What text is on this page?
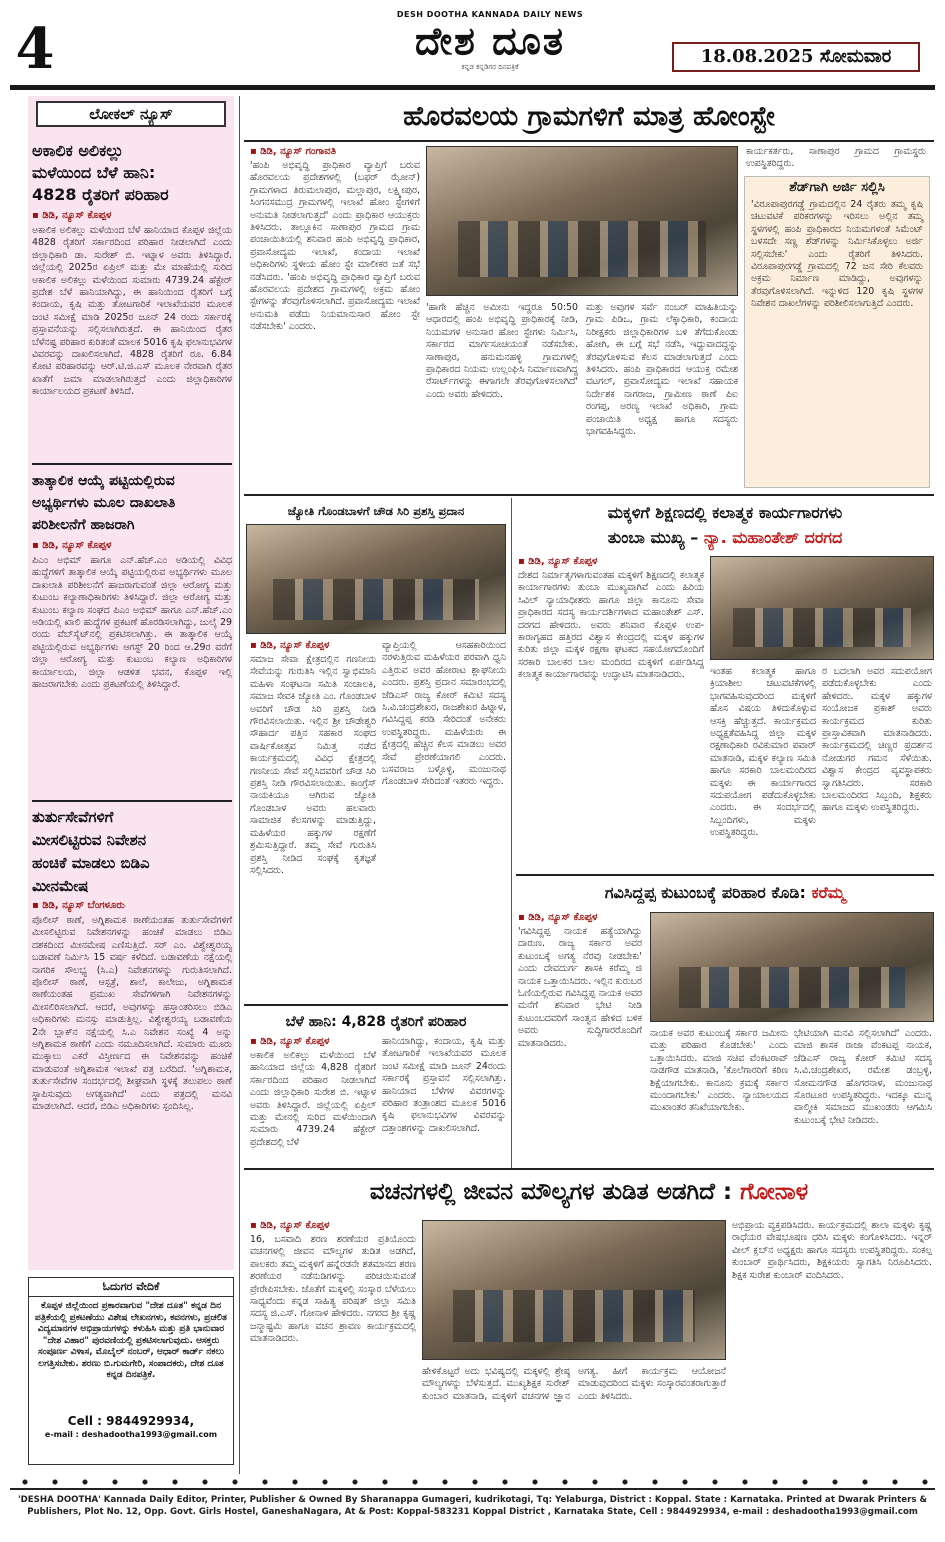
4
DESH DOOTHA KANNADA DAILY NEWS
ದೇಶ ದೂತ
ಕನ್ನಡ ಕನ್ನಡಿಗರ ದಿನಪತ್ರಿಕೆ	18.08.2025 ಸೋಮವಾರ
ಲೋಕಲ್ ನ್ಯೂಸ್
ಅಕಾಲಿಕ ಅಲಿಕಲ್ಲು
ಮಳೆಯಿಂದ ಬೆಳೆ ಹಾನಿ:
4828 ರೈತರಿಗೆ ಪರಿಹಾರ
▪ ಡಿಡಿ, ನ್ಯೂಸ್ ಕೊಪ್ಪಳ
ಅಕಾಲಿಕ ಅಲಿಕಲ್ಲು ಮಳೆಯಿಂದ ಬೆಳೆ ಹಾನಿಯಾದ ಕೊಪ್ಪಳ ಜಿಲ್ಲೆಯ 4828 ರೈತರಿಗೆ ಸರ್ಕಾರದಿಂದ ಪರಿಹಾರ ನೀಡಲಾಗಿದೆ ಎಂದು ಜಿಲ್ಲಾಧಿಕಾರಿ ಡಾ. ಸುರೇಶ್ ಬಿ. ಇಟ್ನಾಳ ಅವರು ತಿಳಿಸಿದ್ದಾರೆ. ಜಿಲ್ಲೆಯಲ್ಲಿ 2025ರ ಏಪ್ರಿಲ್ ಮತ್ತು ಮೇ ಮಾಹೆಯಲ್ಲಿ ಸುರಿದ ಅಕಾಲಿಕ ಅಲಿಕಲ್ಲು ಮಳೆಯಿಂದ ಸುಮಾರು 4739.24 ಹೆಕ್ಟೇರ್ ಪ್ರದೇಶ ಬೆಳೆ ಹಾನಿಯಾಗಿದ್ದು, ಈ ಹಾನಿಯಿಂದ ರೈತರಿಗೆ ಬಗ್ಗೆ ಕಂದಾಯ, ಕೃಷಿ ಮತ್ತು ತೋಟಗಾರಿಕೆ ಇಲಾಖೆಯವರ ಮೂಲಕ ಜಂಟಿ ಸಮೀಕ್ಷೆ ಮಾಡಿ 2025ರ ಜೂನ್ 24 ರಂದು ಸರ್ಕಾರಕ್ಕೆ ಪ್ರಸ್ತಾವನೆಯನ್ನು ಸಲ್ಲಿಸಲಾಗಿರುತ್ತದೆ. ಈ ಹಾನಿಯಿಂದ ರೈತರ ಬೆಳೆನಷ್ಟ ಪರಿಹಾರ ಕುರಿತಂತೆ ಮಾಲಕ 5016 ಕೃಷಿ ಫಲಾನುಭವಿಗಳ ವಿವರವನ್ನು ದಾಖಲಿಸಲಾಗಿದೆ. 4828 ರೈತರಿಗೆ ರೂ. 6.84 ಕೋಟಿ ಪರಿಹಾರವನ್ನು ಆರ್.ಟಿ.ಜಿ.ಎಸ್ ಮೂಲಕ ನೇರವಾಗಿ ರೈತರ ಖಾತೆಗೆ ಜಮಾ ಮಾಡಲಾಗಿರುತ್ತದೆ ಎಂದು ಜಿಲ್ಲಾಧಿಕಾರಿಗಳ ಕಾರ್ಯಾಲಯದ ಪ್ರಕಟಣೆ ತಿಳಿಸಿದೆ.
ತಾತ್ಕಾಲಿಕ ಆಯ್ಕೆ ಪಟ್ಟಿಯಲ್ಲಿರುವ
ಅಭ್ಯರ್ಥಿಗಳು ಮೂಲ ದಾಖಲಾತಿ
ಪರಿಶೀಲನೆಗೆ ಹಾಜರಾಗಿ
▪ ಡಿಡಿ, ನ್ಯೂಸ್ ಕೊಪ್ಪಳ
ಪಿಎಂ ಅಭಿಮ್ ಹಾಗೂ ಎನ್.ಹೆಚ್.ಎಂ ಅಡಿಯಲ್ಲಿ ವಿವಿಧ ಹುದ್ದೆಗಳಿಗೆ ತಾತ್ಕಾಲಿಕ ಆಯ್ಕೆ ಪಟ್ಟಿಯಲ್ಲಿರುವ ಅಭ್ಯರ್ಥಿಗಳು ಮೂಲ ದಾಖಲಾತಿ ಪರಿಶೀಲನೆಗೆ ಹಾಜರಾಗುವಂತೆ ಜಿಲ್ಲಾ ಆರೋಗ್ಯ ಮತ್ತು ಕುಟುಂಬ ಕಲ್ಯಾಣಾಧಿಕಾರಿಗಳು ತಿಳಿಸಿದ್ದಾರೆ. ಜಿಲ್ಲಾ ಆರೋಗ್ಯ ಮತ್ತು ಕುಟುಂಬ ಕಲ್ಯಾಣ ಸಂಘದ ಪಿಎಂ ಅಭಿಮ್ ಹಾಗೂ ಎನ್.ಹೆಚ್.ಎಂ ಅಡಿಯಲ್ಲಿ ಖಾಲಿ ಹುದ್ದೆಗಳ ಪ್ರಕಟಣೆ ಹೊರಡಿಸಲಾಗಿದ್ದು, ಜುಲೈ 29 ರಂದು ವೆಬ್‌ಸೈಟ್‌ನಲ್ಲಿ ಪ್ರಕಟಿಸಲಾಗಿತ್ತು. ಈ ತಾತ್ಕಾಲಿಕ ಆಯ್ಕೆ ಪಟ್ಟಿಯಲ್ಲಿರುವ ಅಭ್ಯರ್ಥಿಗಳು ಆಗಸ್ಟ್ 20 ರಿಂದ ಆ.29ರ ವರೆಗೆ ಜಿಲ್ಲಾ ಆರೋಗ್ಯ ಮತ್ತು ಕುಟುಂಬ ಕಲ್ಯಾಣ ಅಧಿಕಾರಿಗಳ ಕಾರ್ಯಾಲಯ, ಜಿಲ್ಲಾ ಆಡಳಿತ ಭವನ, ಕೊಪ್ಪಳ ಇಲ್ಲಿ ಹಾಜರಾಗಬೇಕು ಎಂದು ಪ್ರಕಟಣೆಯಲ್ಲಿ ತಿಳಿಸಿದ್ದಾರೆ.
ತುರ್ತುಸೇವೆಗಳಿಗೆ
ಮೀಸಲಿಟ್ಟಿರುವ ನಿವೇಶನ
ಹಂಚಿಕೆ ಮಾಡಲು ಬಿಡಿಎ
ಮೀನಮೇಷ
▪ ಡಿಡಿ, ನ್ಯೂಸ್ ಬೆಂಗಳೂರು
ಪೊಲೀಸ್ ಠಾಣೆ, ಅಗ್ನಿಶಾಮಕ ಠಾಣೆಯಂತಹ ತುರ್ತುಸೇವೆಗಳಿಗೆ ಮೀಸಲಿಟ್ಟಿರುವ ನಿವೇಶನಗಳನ್ನು ಹಂಚಿಕೆ ಮಾಡಲು ಬಿಡಿಎ ದಶಕದಿಂದ ಮೀನಮೇಷ ಎಣಿಸುತ್ತಿದೆ. ಸರ್ ಎಂ. ವಿಶ್ವೇಶ್ವರಯ್ಯ ಬಡಾವಣೆ ನಿರ್ಮಿಸಿ 15 ವರ್ಷ ಕಳೆದಿದೆ. ಬಡಾವಣೆಯ ನಕ್ಷೆಯಲ್ಲಿ ನಾಗರಿಕ ಸೌಲಭ್ಯ (ಸಿ.ಎ) ನಿವೇಶನಗಳನ್ನು ಗುರುತಿಸಲಾಗಿದೆ. ಪೊಲೀಸ್ ಠಾಣೆ, ಆಸ್ಪತ್ರೆ, ಶಾಲೆ, ಕಾಲೇಜು, ಅಗ್ನಿಶಾಮಕ ಠಾಣೆಯಂತಹ ಪ್ರಮುಖ ಸೇವೆಗಳಿಗಾಗಿ ನಿವೇಶನಗಳನ್ನು ಮೀಸಲಿರಿಸಲಾಗಿದೆ. ಆದರೆ, ಅವುಗಳನ್ನು ಹಸ್ತಾಂತರಿಸಲು ಬಿಡಿಎ ಅಧಿಕಾರಿಗಳು ಮನಸ್ಸು ಮಾಡುತ್ತಿಲ್ಲ. ವಿಶ್ವೇಶ್ವರಯ್ಯ ಬಡಾವಣೆಯ 2ನೇ ಬ್ಲಾಕ್‌ನ ನಕ್ಷೆಯಲ್ಲಿ ಸಿ.ಎ ನಿವೇಶನ ಸಂಖ್ಯೆ 4 ಅನ್ನು ಅಗ್ನಿಶಾಮಕ ಠಾಣೆಗೆ ಎಂದು ನಮೂದಿಸಲಾಗಿದೆ. ಸುಮಾರು ಮೂರು ಮುಕ್ಕಾಲು ಎಕರೆ ವಿಸ್ತೀರ್ಣದ ಈ ನಿವೇಶನವನ್ನು ಹಂಚಿಕೆ ಮಾಡುವಂತೆ ಅಗ್ನಿಶಾಮಕ ಇಲಾಖೆ ಪತ್ರ ಬರೆದಿದೆ. 'ಅಗ್ನಿಶಾಮಕ, ತುರ್ತುಸೇವೆಗಳ ಸಂದರ್ಭದಲ್ಲಿ ಶೀಘ್ರವಾಗಿ ಸ್ಥಳಕ್ಕೆ ತಲುಪಲು ಠಾಣೆ ಸ್ಥಾಪಿಸುವುದು ಅಗತ್ಯವಾಗಿದೆ' ಎಂದು ಪತ್ರದಲ್ಲಿ ಮನವಿ ಮಾಡಲಾಗಿದೆ. ಆದರೆ, ಬಿಡಿಎ ಅಧಿಕಾರಿಗಳು ಸ್ಪಂದಿಸಿಲ್ಲ.
ಓದುಗರ ವೇದಿಕೆ
ಕೊಪ್ಪಳ ಜಿಲ್ಲೆಯಿಂದ ಪ್ರಕಾರವಾಗುವ "ದೇಶ ದೂತ" ಕನ್ನಡ ದಿನ ಪತ್ರಿಕೆಯಲ್ಲಿ ಪ್ರಕಟಣೆಯು ವಿಶೇಷ ಲೇಖನಗಳು, ಕವನಗಳು, ಪ್ರಚಲಿತ ವಿದ್ಯಮಾನಗಳ ಅಭಿಪ್ರಾಯಗಳನ್ನು ಕಳುಹಿಸಿ ಮತ್ತು ಪ್ರತಿ ಭಾನುವಾರ "ದೇಶ ವಿಹಾರ" ಪುರವಣಿಯಲ್ಲಿ ಪ್ರಕಟಿಸಲಾಗುವುದು. ಆಸಕ್ತರು ಸಂಪೂರ್ಣ ವಿಳಾಸ, ಮೊಬೈಲ್ ನಂಬರ್, ಆಧಾರ್ ಕಾರ್ಡ್ ನಕಲು ಲಗತ್ತಿಸಬೇಕು. ಶರಣು ಬಿ.ಗುಮಗೇರಿ, ಸಂಪಾದಕರು, ದೇಶ ದೂತ ಕನ್ನಡ ದಿನಪತ್ರಿಕೆ.
Cell : 9844929934,
e-mail : deshadootha1993@gmail.com
ಹೊರವಲಯ ಗ್ರಾಮಗಳಿಗೆ ಮಾತ್ರ ಹೋಂಸ್ಟೇ
▪ ಡಿಡಿ, ನ್ಯೂಸ್ ಗಂಗಾವತಿ
'ಹಂಪಿ ಅಭಿವೃದ್ಧಿ ಪ್ರಾಧಿಕಾರ ವ್ಯಾಪ್ತಿಗೆ ಬರುವ ಹೊರವಲಯ ಪ್ರದೇಶಗಳಲ್ಲಿ (ಬಫರ್ ಝೋನ್) ಗ್ರಾಮಗಳಾದ ತಿರುಮಲಾಪುರ, ಮಲ್ಲಾಪುರ, ಲಕ್ಷ್ಮೀಪುರ, ಸಿಂಗನಸಮುದ್ರ ಗ್ರಾಮಗಳಲ್ಲಿ ಇಲಾಖೆ ಹೋಂ ಸ್ಟೇಗಳಿಗೆ ಅನುಮತಿ ನೀಡಲಾಗುತ್ತದೆ' ಎಂದು ಪ್ರಾಧಿಕಾರ ಆಯುಕ್ತರು ತಿಳಿಸಿದರು. ತಾಲ್ಲೂಕಿನ ಸಾಣಾಪುರ ಗ್ರಾಮದ ಗ್ರಾಮ ಪಂಚಾಯಿತಿಯಲ್ಲಿ ಶನಿವಾರ ಹಂಪಿ ಅಭಿವೃದ್ಧಿ ಪ್ರಾಧಿಕಾರ, ಪ್ರವಾಸೋದ್ಯಮ ಇಲಾಖೆ, ಕಂದಾಯ ಇಲಾಖೆ ಅಧಿಕಾರಿಗಳು ಸ್ಥಳೀಯ ಹೋಂ ಸ್ಟೇ ಮಾಲೀಕರ ಜತೆ ಸಭೆ ನಡೆಸಿದರು. 'ಹಂಪಿ ಅಭಿವೃದ್ಧಿ ಪ್ರಾಧಿಕಾರ ವ್ಯಾಪ್ತಿಗೆ ಬರುವ ಹೊರವಲಯ ಪ್ರದೇಶದ ಗ್ರಾಮಗಳಲ್ಲಿ ಅಕ್ರಮ ಹೋಂ ಸ್ಟೇಗಳನ್ನು ತೆರವುಗೊಳಿಸಲಾಗಿದೆ. ಪ್ರವಾಸೋದ್ಯಮ ಇಲಾಖೆ ಅನುಮತಿ ಪಡೆದು ನಿಯಮಾನುಸಾರ ಹೋಂ ಸ್ಟೇ ನಡೆಸಬೇಕು' ಎಂದರು.
'ಹಾಗೇ ಹೆಚ್ಚಿನ ಅಮೀನು ಇದ್ದರೂ 50:50 ಆಧಾರದಲ್ಲಿ ಹಂಪಿ ಅಭಿವೃದ್ಧಿ ಪ್ರಾಧಿಕಾರಕ್ಕೆ ನೀಡಿ, ನಿಯಮಗಳ ಅನುಸಾರ ಹೋಂ ಸ್ಟೇಗಳು ನಿರ್ಮಿಸಿ, ಸರ್ಕಾರದ ಮಾರ್ಗಸೂಚಿಯಂತೆ ನಡೆಸಬೇಕು. ಸಾಣಾಪುರ, ಹನುಮನಹಳ್ಳಿ ಗ್ರಾಮಗಳಲ್ಲಿ ಪ್ರಾಧಿಕಾರದ ನಿಯಮ ಉಲ್ಲಂಘಿಸಿ ನಿರ್ಮಾಣವಾಗಿದ್ದ ರೆಸಾರ್ಟ್‌ಗಳನ್ನು ಈಗಾಗಲೇ ತೆರವುಗೊಳಿಸಲಾಗಿದೆ' ಎಂದು ಅವರು ಹೇಳಿದರು.
ಮತ್ತು ಅವುಗಳ ಸರ್ವೆ ನಂಬರ್ ಮಾಹಿತಿಯನ್ನು ಗ್ರಾಮ ಪಿಡಿಒ, ಗ್ರಾಮ ಲೆಕ್ಕಾಧಿಕಾರಿ, ಕಂದಾಯ ನಿರೀಕ್ಷಕರು ಜಿಲ್ಲಾಧಿಕಾರಿಗಳ ಬಳಿ ತೆಗೆದುಕೊಂಡು ಹೋಗಿ, ಈ ಬಗ್ಗೆ ಸಭೆ ನಡೆಸಿ, ಇದ್ದುವಾದದ್ದನ್ನು ತೆರವುಗೊಳಿಸುವ ಕೆಲಸ ಮಾಡಲಾಗುತ್ತದೆ ಎಂದು ತಿಳಿಸಿದರು. ಹಂಪಿ ಪ್ರಾಧಿಕಾರದ ಆಯುಕ್ತ ರಮೇಶ ವಟಗಲ್, ಪ್ರವಾಸೋದ್ಯಮ ಇಲಾಖೆ ಸಹಾಯಕ ನಿರ್ದೇಶಕ ನಾಗರಾಜ, ಗ್ರಾಮೀಣ ಠಾಣೆ ಪಿಐ ರಂಗಪ್ಪ, ಅರಣ್ಯ ಇಲಾಖೆ ಅಧಿಕಾರಿ, ಗ್ರಾಮ ಪಂಚಾಯಿತಿ ಅಧ್ಯಕ್ಷ ಹಾಗೂ ಸದಸ್ಯರು ಭಾಗವಹಿಸಿದ್ದರು.
ಕಾರ್ಯಕರ್ತರು, ಸಾಣಾಪುರ ಗ್ರಾಮದ ಗ್ರಾಮಸ್ಥರು ಉಪಸ್ಥಿತರಿದ್ದರು.
ಶೆಡ್‌ಗಾಗಿ ಅರ್ಜಿ ಸಲ್ಲಿಸಿ
'ವಿರೂಪಾಪುರಗಡ್ಡೆ ಗ್ರಾಮದಲ್ಲಿನ 24 ರೈತರು ತಮ್ಮ ಕೃಷಿ ಚಟುವಟಿಕೆ ಪರಿಕರಗಳನ್ನು ಇರಿಸಲು ಅಲ್ಲಿನ ತಮ್ಮ ಸ್ಥಳಗಳಲ್ಲಿ ಹಂಪಿ ಪ್ರಾಧಿಕಾರದ ನಿಯಮಗಳಂತೆ ಸಿಮೆಂಟ್ ಬಳಸದೇ ಸಣ್ಣ ಶೆಡ್‌ಗಳನ್ನು ನಿರ್ಮಿಸಿಕೊಳ್ಳಲು ಅರ್ಜಿ ಸಲ್ಲಿಸಬೇಕು' ಎಂದು ರೈತರಿಗೆ ತಿಳಿಸಿದರು. ವಿರೂಪಾಪುರಗಡ್ಡೆ ಗ್ರಾಮದಲ್ಲಿ 72 ಜನ ಸೇರಿ ಕೆಲವರು ಅಕ್ರಮ ನಿರ್ಮಾಣ ಮಾಡಿದ್ದು, ಅವುಗಳನ್ನು ತೆರವುಗೊಳಿಸಲಾಗಿದೆ. ಇನ್ನುಳಿದ 120 ಕೃಷಿ ಸ್ಥಳಗಳ ನಿವೇಶನ ದಾಖಲೆಗಳನ್ನು ಪರಿಶೀಲಿಸಲಾಗುತ್ತಿದೆ ಎಂದರು.
ಜ್ಯೋತಿ ಗೊಂಡಬಾಳಗೆ ಚೌಡ ಸಿರಿ ಪ್ರಶಸ್ತಿ ಪ್ರದಾನ
▪ ಡಿಡಿ, ನ್ಯೂಸ್ ಕೊಪ್ಪಳ
ಸಮಾಜ ಸೇವಾ ಕ್ಷೇತ್ರದಲ್ಲಿನ ಗಣನೀಯ ಸೇವೆಯನ್ನು ಗುರುತಿಸಿ ಇಲ್ಲಿನ ಸ್ವಾಭಿಮಾನಿ ಮಹಿಳಾ ಸಂಘಟನಾ ಸಮಿತಿ ಸಂಚಾಲಕಿ, ಸಮಾಜ ಸೇವಕಿ ಜ್ಯೋತಿ ಎಂ. ಗೊಂಡಬಾಳ ಅವರಿಗೆ ಚೌಡ ಸಿರಿ ಪ್ರಶಸ್ತಿ ನೀಡಿ ಗೌರವಿಸಲಾಯಿತು. ಇಲ್ಲಿನ ಶ್ರೀ ಚೌಡೇಶ್ವರಿ ಸೌಹಾರ್ದ ಪತ್ತಿನ ಸಹಕಾರ ಸಂಘದ ವಾರ್ಷಿಕೋತ್ಸವ ನಿಮಿತ್ತ ನಡೆದ ಕಾರ್ಯಕ್ರಮದಲ್ಲಿ ವಿವಿಧ ಕ್ಷೇತ್ರದಲ್ಲಿ ಗಣನೀಯ ಸೇವೆ ಸಲ್ಲಿಸಿದವರಿಗೆ ಚೌಡ ಸಿರಿ ಪ್ರಶಸ್ತಿ ನೀಡಿ ಗೌರವಿಸಲಾಯಿತು. ಕಾಂಗ್ರೆಸ್ ನಾಯಕಿಯೂ ಆಗಿರುವ ಜ್ಯೋತಿ ಗೊಂಡಬಾಳ ಅವರು ಹಲವಾರು ಸಾಮಾಜಿಕ ಕೆಲಸಗಳನ್ನು ಮಾಡುತ್ತಿದ್ದು, ಮಹಿಳೆಯರ ಹಕ್ಕುಗಳ ರಕ್ಷಣೆಗೆ ಶ್ರಮಿಸುತ್ತಿದ್ದಾರೆ. ತಮ್ಮ ಸೇವೆ ಗುರುತಿಸಿ ಪ್ರಶಸ್ತಿ ನೀಡಿದ ಸಂಘಕ್ಕೆ ಕೃತಜ್ಞತೆ ಸಲ್ಲಿಸಿದರು.
ವ್ಯಾಪ್ತಿಯಲ್ಲಿ ಆಸಹಕಾರಿಯಿಂದ ನರಳುತ್ತಿರುವ ಮಹಿಳೆಯರ ಪರವಾಗಿ ಧ್ವನಿ ಎತ್ತಿರುವ ಅವರ ಹೋರಾಟ ಶ್ಲಾಘನೀಯ ಎಂದರು. ಪ್ರಶಸ್ತಿ ಪ್ರದಾನ ಸಮಾರಂಭದಲ್ಲಿ ಜೆಡಿಎಸ್ ರಾಜ್ಯ ಕೋರ್ ಕಮಿಟಿ ಸದಸ್ಯ ಸಿ.ವಿ.ಚಂದ್ರಶೇಖರ, ರಾಜಶೇಖರ ಹಿಟ್ನಾಳ, ಗವಿಸಿದ್ದಪ್ಪ ಕರಡಿ ಸೇರಿದಂತೆ ಅನೇಕರು ಉಪಸ್ಥಿತರಿದ್ದರು. ಮಹಿಳೆಯರು ಈ ಕ್ಷೇತ್ರದಲ್ಲಿ ಹೆಚ್ಚಿನ ಕೆಲಸ ಮಾಡಲು ಅವರ ಸೇವೆ ಪ್ರೇರಣೆಯಾಗಲಿ ಎಂದರು. ಬಸವರಾಜ ಬಳ್ಳೊಳ್ಳಿ, ಮಂಜುನಾಥ ಗೊಂಡಬಾಳ ಸೇರಿದಂತೆ ಇತರರು ಇದ್ದರು.
ಬೆಳೆ ಹಾನಿ: 4,828 ರೈತರಿಗೆ ಪರಿಹಾರ
▪ ಡಿಡಿ, ನ್ಯೂಸ್ ಕೊಪ್ಪಳ
ಅಕಾಲಿಕ ಅಲಿಕಲ್ಲು ಮಳೆಯಿಂದ ಬೆಳೆ ಹಾನಿಯಾದ ಜಿಲ್ಲೆಯ 4,828 ರೈತರಿಗೆ ಸರ್ಕಾರದಿಂದ ಪರಿಹಾರ ನೀಡಲಾಗಿದೆ ಎಂದು ಜಿಲ್ಲಾಧಿಕಾರಿ ಸುರೇಶ ಬಿ. ಇಟ್ನಾಳ ಅವರು ತಿಳಿಸಿದ್ದಾರೆ. ಜಿಲ್ಲೆಯಲ್ಲಿ ಏಪ್ರಿಲ್ ಮತ್ತು ಮೇನಲ್ಲಿ ಸುರಿದ ಮಳೆಯಿಂದಾಗಿ ಸುಮಾರು 4739.24 ಹೆಕ್ಟೇರ್ ಪ್ರದೇಶದಲ್ಲಿ ಬೆಳೆ
ಹಾನಿಯಾಗಿದ್ದು, ಕಂದಾಯ, ಕೃಷಿ ಮತ್ತು ತೋಟಗಾರಿಕೆ ಇಲಾಖೆಯವರ ಮೂಲಕ ಜಂಟಿ ಸಮೀಕ್ಷೆ ಮಾಡಿ ಜೂನ್ 24ರಂದು ಸರ್ಕಾರಕ್ಕೆ ಪ್ರಸ್ತಾವನೆ ಸಲ್ಲಿಸಲಾಗಿತ್ತು. ಹಾನಿಯಾದ ಬೆಳೆಗಳ ವಿವರಗಳನ್ನು ಪರಿಹಾರ ತಂತ್ರಾಂಶದ ಮೂಲಕ 5016 ಕೃಷಿ ಫಲಾನುಭವಿಗಳ ವಿವರವನ್ನು ದತ್ತಾಂಶಗಳನ್ನು ದಾಖಲಿಸಲಾಗಿದೆ.
ಮಕ್ಕಳಿಗೆ ಶಿಕ್ಷಣದಲ್ಲಿ ಕಲಾತ್ಮಕ ಕಾರ್ಯಗಾರಗಳು
ತುಂಬಾ ಮುಖ್ಯ – ನ್ಯಾ. ಮಹಾಂತೇಶ್ ದರಗದ
▪ ಡಿಡಿ, ನ್ಯೂಸ್ ಕೊಪ್ಪಳ
ದೇಶದ ನಿರ್ಮಾತೃಗಳಾಗುವಂತಹ ಮಕ್ಕಳಿಗೆ ಶಿಕ್ಷಣದಲ್ಲಿ ಕಲಾತ್ಮಕ ಕಾರ್ಯಾಗಾರಗಳು ತುಂಬಾ ಮುಖ್ಯವಾಗಿವೆ ಎಂದು ಹಿರಿಯ ಸಿವಿಲ್ ನ್ಯಾಯಾಧೀಶರು ಹಾಗೂ ಜಿಲ್ಲಾ ಕಾನೂನು ಸೇವಾ ಪ್ರಾಧಿಕಾರದ ಸದಸ್ಯ ಕಾರ್ಯದರ್ಶಿಗಳಾದ ಮಹಾಂತೇಶ್ ಎಸ್. ದರಗದ ಹೇಳಿದರು. ಅವರು ಶನಿವಾರ ಕೊಪ್ಪಳ ಉಪ-ಕಾರಾಗೃಹದ ಹತ್ತಿರದ ವಿಶ್ವಾಸ ಕೇಂದ್ರದಲ್ಲಿ ಮಕ್ಕಳ ಹಕ್ಕುಗಳ ಕುರಿತು ಜಿಲ್ಲಾ ಮಕ್ಕಳ ರಕ್ಷಣಾ ಘಟಕದ ಸಹಯೋಗದೊಂದಿಗೆ ಸರಕಾರಿ ಬಾಲಕರ ಬಾಲ ಮಂದಿರದ ಮಕ್ಕಳಿಗೆ ಏರ್ಪಡಿಸಿದ್ದ ಕಲಾತ್ಮಕ ಕಾರ್ಯಾಗಾರವನ್ನು ಉದ್ಘಾಟಿಸಿ ಮಾತನಾಡಿದರು.	ಇಂತಹ ಕಲಾತ್ಮಕ ಹಾಗೂ ಕ್ರಿಯಾಶೀಲ ಚಟುವಟಿಕೆಗಳಲ್ಲಿ ಭಾಗವಹಿಸುವುದರಿಂದ ಮಕ್ಕಳಿಗೆ ಹೊಸ ವಿಷಯ ತಿಳಿದುಕೊಳ್ಳುವ ಆಸಕ್ತಿ ಹೆಚ್ಚುತ್ತದೆ. ಕಾರ್ಯಕ್ರಮದ ಅಧ್ಯಕ್ಷತೆವಹಿಸಿದ್ದ ಜಿಲ್ಲಾ ಮಕ್ಕಳ ರಕ್ಷಣಾಧಿಕಾರಿ ರವಿಕುಮಾರ ಪವಾರ್ ಮಾತನಾಡಿ, ಮಕ್ಕಳ ಕಲ್ಯಾಣ ಸಮಿತಿ ಹಾಗೂ ಸರಕಾರಿ ಬಾಲಮಂದಿರದ ಮಕ್ಕಳು ಈ ಕಾರ್ಯಾಗಾರದ ಸದುಪಯೋಗ ಪಡೆದುಕೊಳ್ಳಬೇಕು ಎಂದರು. ಈ ಸಂದರ್ಭದಲ್ಲಿ ಸಿಬ್ಬಂದಿಗಳು, ಮಕ್ಕಳು ಉಪಸ್ಥಿತರಿದ್ದರು.
ರ ಬದಲಾಗಿ ಅವರ ಸದುಪಯೋಗ ಪಡೆದುಕೊಳ್ಳಬೇಕು ಎಂದು ಹೇಳಿದರು. ಮಕ್ಕಳ ಹಕ್ಕುಗಳ ಸಂಯೋಜಕ ಪ್ರಕಾಶ್ ಅವರು ಕಾರ್ಯಕ್ರಮದ ಕುರಿತು ಪ್ರಾಸ್ತಾವಿಕವಾಗಿ ಮಾತನಾಡಿದರು. ಕಾರ್ಯಕ್ರಮದಲ್ಲಿ ಚಿಣ್ಣರ ಪ್ರದರ್ಶನ ನೋಡುಗರ ಗಮನ ಸೆಳೆಯಿತು. ವಿಶ್ವಾಸ ಕೇಂದ್ರದ ವ್ಯವಸ್ಥಾಪಕರು ಸ್ವಾಗತಿಸಿದರು. ಸರಕಾರಿ ಬಾಲಮಂದಿರದ ಸಿಬ್ಬಂದಿ, ಶಿಕ್ಷಕರು ಹಾಗೂ ಮಕ್ಕಳು ಉಪಸ್ಥಿತರಿದ್ದರು.
ಗವಿಸಿದ್ದಪ್ಪ ಕುಟುಂಬಕ್ಕೆ ಪರಿಹಾರ ಕೊಡಿ: ಕರೆಮ್ಮ
▪ ಡಿಡಿ, ನ್ಯೂಸ್ ಕೊಪ್ಪಳ
'ಗವಿಸಿದ್ದಪ್ಪ ನಾಯಕ ಹತ್ಯೆಯಾಗಿದ್ದು ದಾರುಣ. ರಾಜ್ಯ ಸರ್ಕಾರ ಅವರ ಕುಟುಂಬಕ್ಕೆ ಅಗತ್ಯ ನೆರವು ನೀಡಬೇಕು' ಎಂದು ದೇವದುರ್ಗ ಶಾಸಕಿ ಕರೆಮ್ಮ ಜಿ ನಾಯಕ ಒತ್ತಾಯಿಸಿದರು. ಇಲ್ಲಿನ ಕುರುಬರ ಓಣಿಯಲ್ಲಿರುವ ಗವಿಸಿದ್ದಪ್ಪ ನಾಯಕ ಅವರ ಮನೆಗೆ ಶನಿವಾರ ಭೇಟಿ ನೀಡಿ ಕುಟುಂಬದವರಿಗೆ ಸಾಂತ್ವನ ಹೇಳಿದ ಬಳಿಕ ಅವರು ಸುದ್ದಿಗಾರರೊಂದಿಗೆ ಮಾತನಾಡಿದರು.
ನಾಯಕ ಅವರ ಕುಟುಂಬಕ್ಕೆ ಸರ್ಕಾರ ಜಮೀನು ಮತ್ತು ಪರಿಹಾರ ಕೊಡಬೇಕು' ಎಂದು ಒತ್ತಾಯಿಸಿದರು. ಮಾಜಿ ಸಚಿವ ವೆಂಕಟರಾವ್ ನಾಡಗೌಡ ಮಾತನಾಡಿ, 'ಕೊಲೆಗಾರರಿಗೆ ಕಠಿಣ ಶಿಕ್ಷೆಯಾಗಬೇಕು. ಕಾನೂನು ಕ್ರಮಕ್ಕೆ ಸರ್ಕಾರ ಮುಂದಾಗಬೇಕು' ಎಂದರು. ನ್ಯಾಯಾಲಯದ ಮುಖಾಂತರ ತನಿಖೆಯಾಗಬೇಕು.
ಭೇಟಿಯಾಗಿ ಮನವಿ ಸಲ್ಲಿಸಲಾಗಿದೆ' ಎಂದರು. ಮಾಜಿ ಶಾಸಕ ರಾಜಾ ವೆಂಕಟಪ್ಪ ನಾಯಕ, ಜೆಡಿಎಸ್ ರಾಜ್ಯ ಕೋರ್ ಕಮಿಟಿ ಸದಸ್ಯ ಸಿ.ವಿ.ಚಂದ್ರಶೇಖರ, ರಮೇಶ ಡಂಬ್ರಳ್ಳಿ, ಸೋಮನಗೌಡ ಹೊಗರನಾಳ, ಮಂಜುನಾಥ ಸೊರಟೂರ ಉಪಸ್ಥಿತರಿದ್ದರು. ಇದಕ್ಕೂ ಮುನ್ನ ವಾಲ್ಮೀಕಿ ಸಮಾಜದ ಮುಖಂಡರು ಆಗಮಿಸಿ ಕುಟುಂಬಕ್ಕೆ ಭೇಟಿ ನೀಡಿದರು.
ವಚನಗಳಲ್ಲಿ ಜೀವನ ಮೌಲ್ಯಗಳ ತುಡಿತ ಅಡಗಿದೆ : ಗೋನಾಳ
▪ ಡಿಡಿ, ನ್ಯೂಸ್ ಕೊಪ್ಪಳ
16, ಬಸವಾದಿ ಶರಣ ಶರಣೆಯರ ಪ್ರತಿಯೊಂದು ವಚನಗಳಲ್ಲಿ ಜೀವನ ಮೌಲ್ಯಗಳ ತುಡಿತ ಅಡಗಿದೆ, ಪಾಲಕರು ತಮ್ಮ ಮಕ್ಕಳಿಗೆ ಹನ್ನೆರಡನೇ ಶತಮಾನದ ಶರಣ ಶರಣೆಯರ ನಡೆನುಡಿಗಳನ್ನು ಪರಿಚಯಿಸುವಂತೆ ಪ್ರೇರೇಪಿಸಬೇಕು. ಜೊತೆಗೆ ಮಕ್ಕಳಲ್ಲಿ ಸಂಸ್ಕಾರ ಬೆಳೆಯಲು ಸಾಧ್ಯವೆಂದು ಕನ್ನಡ ಸಾಹಿತ್ಯ ಪರಿಷತ್ ಜಿಲ್ಲಾ ಸಮಿತಿ ಸದಸ್ಯ ಜಿ.ಎಸ್. ಗೋನಾಳ ಹೇಳಿದರು. ನಗರದ ಶ್ರೀ ಕೃಷ್ಣ ಜನ್ಮಾಷ್ಟಮಿ ಹಾಗೂ ವಚನ ಶ್ರಾವಣ ಕಾರ್ಯಕ್ರಮದಲ್ಲಿ ಮಾತನಾಡಿದರು.
ಹೇಳಿಕೊಟ್ಟರೆ ಅದು ಭವಿಷ್ಯದಲ್ಲಿ ಮಕ್ಕಳಲ್ಲಿ ಶ್ರೇಷ್ಠ ಮೌಲ್ಯಗಳನ್ನು ಬೆಳೆಸುತ್ತದೆ. ಮುಖ್ಯಶಿಕ್ಷಕ ಸುರೇಶ್ ಕುಂಬಾರ ಮಾತನಾಡಿ, ಮಕ್ಕಳಿಗೆ ವಚನಗಳ ಜ್ಞಾನ ಅಗತ್ಯ. ಹೀಗೆ ಕಾರ್ಯಕ್ರಮ ಆಯೋಜನೆ ಮಾಡುವುದರಿಂದ ಮಕ್ಕಳು ಸಂಸ್ಕಾರವಂತರಾಗುತ್ತಾರೆ ಎಂದು ತಿಳಿಸಿದರು.
ಅಭಿಪ್ರಾಯ ವ್ಯಕ್ತಪಡಿಸಿದರು. ಕಾರ್ಯಕ್ರಮದಲ್ಲಿ ಶಾಲಾ ಮಕ್ಕಳು ಕೃಷ್ಣ ರಾಧೆಯರ ವೇಷಭೂಷಣ ಧರಿಸಿ ಮಕ್ಕಳು ಕಂಗೊಳಿಸಿದರು. ಇನ್ನರ್ ವೀಲ್ ಕ್ಲಬ್‌ನ ಅಧ್ಯಕ್ಷರು ಹಾಗೂ ಸದಸ್ಯರು ಉಪಸ್ಥಿತರಿದ್ದರು. ಸಂಕಲ್ಪ ಕುಂಬಾರ್ ಪ್ರಾರ್ಥಿಸಿದರು, ಶಿಕ್ಷಕಿಯರು ಸ್ವಾಗತಿಸಿ ನಿರೂಪಿಸಿದರು. ಶಿಕ್ಷಕ ಸುರೇಶ ಕುಂಬಾರ್ ವಂದಿಸಿದರು.
'DESHA DOOTHA' Kannada Daily Editor, Printer, Publisher & Owned By Sharanappa Gumageri, kudrikotagi, Tq: Yelaburga, District : Koppal. State : Karnataka. Printed at Dwarak Printers &
Publishers, Plot No. 12, Opp. Govt. Girls Hostel, GaneshaNagara, At & Post: Koppal-583231 Koppal District , Karnataka State, Cell : 9844929934, e-mail : deshadootha1993@gmail.com
